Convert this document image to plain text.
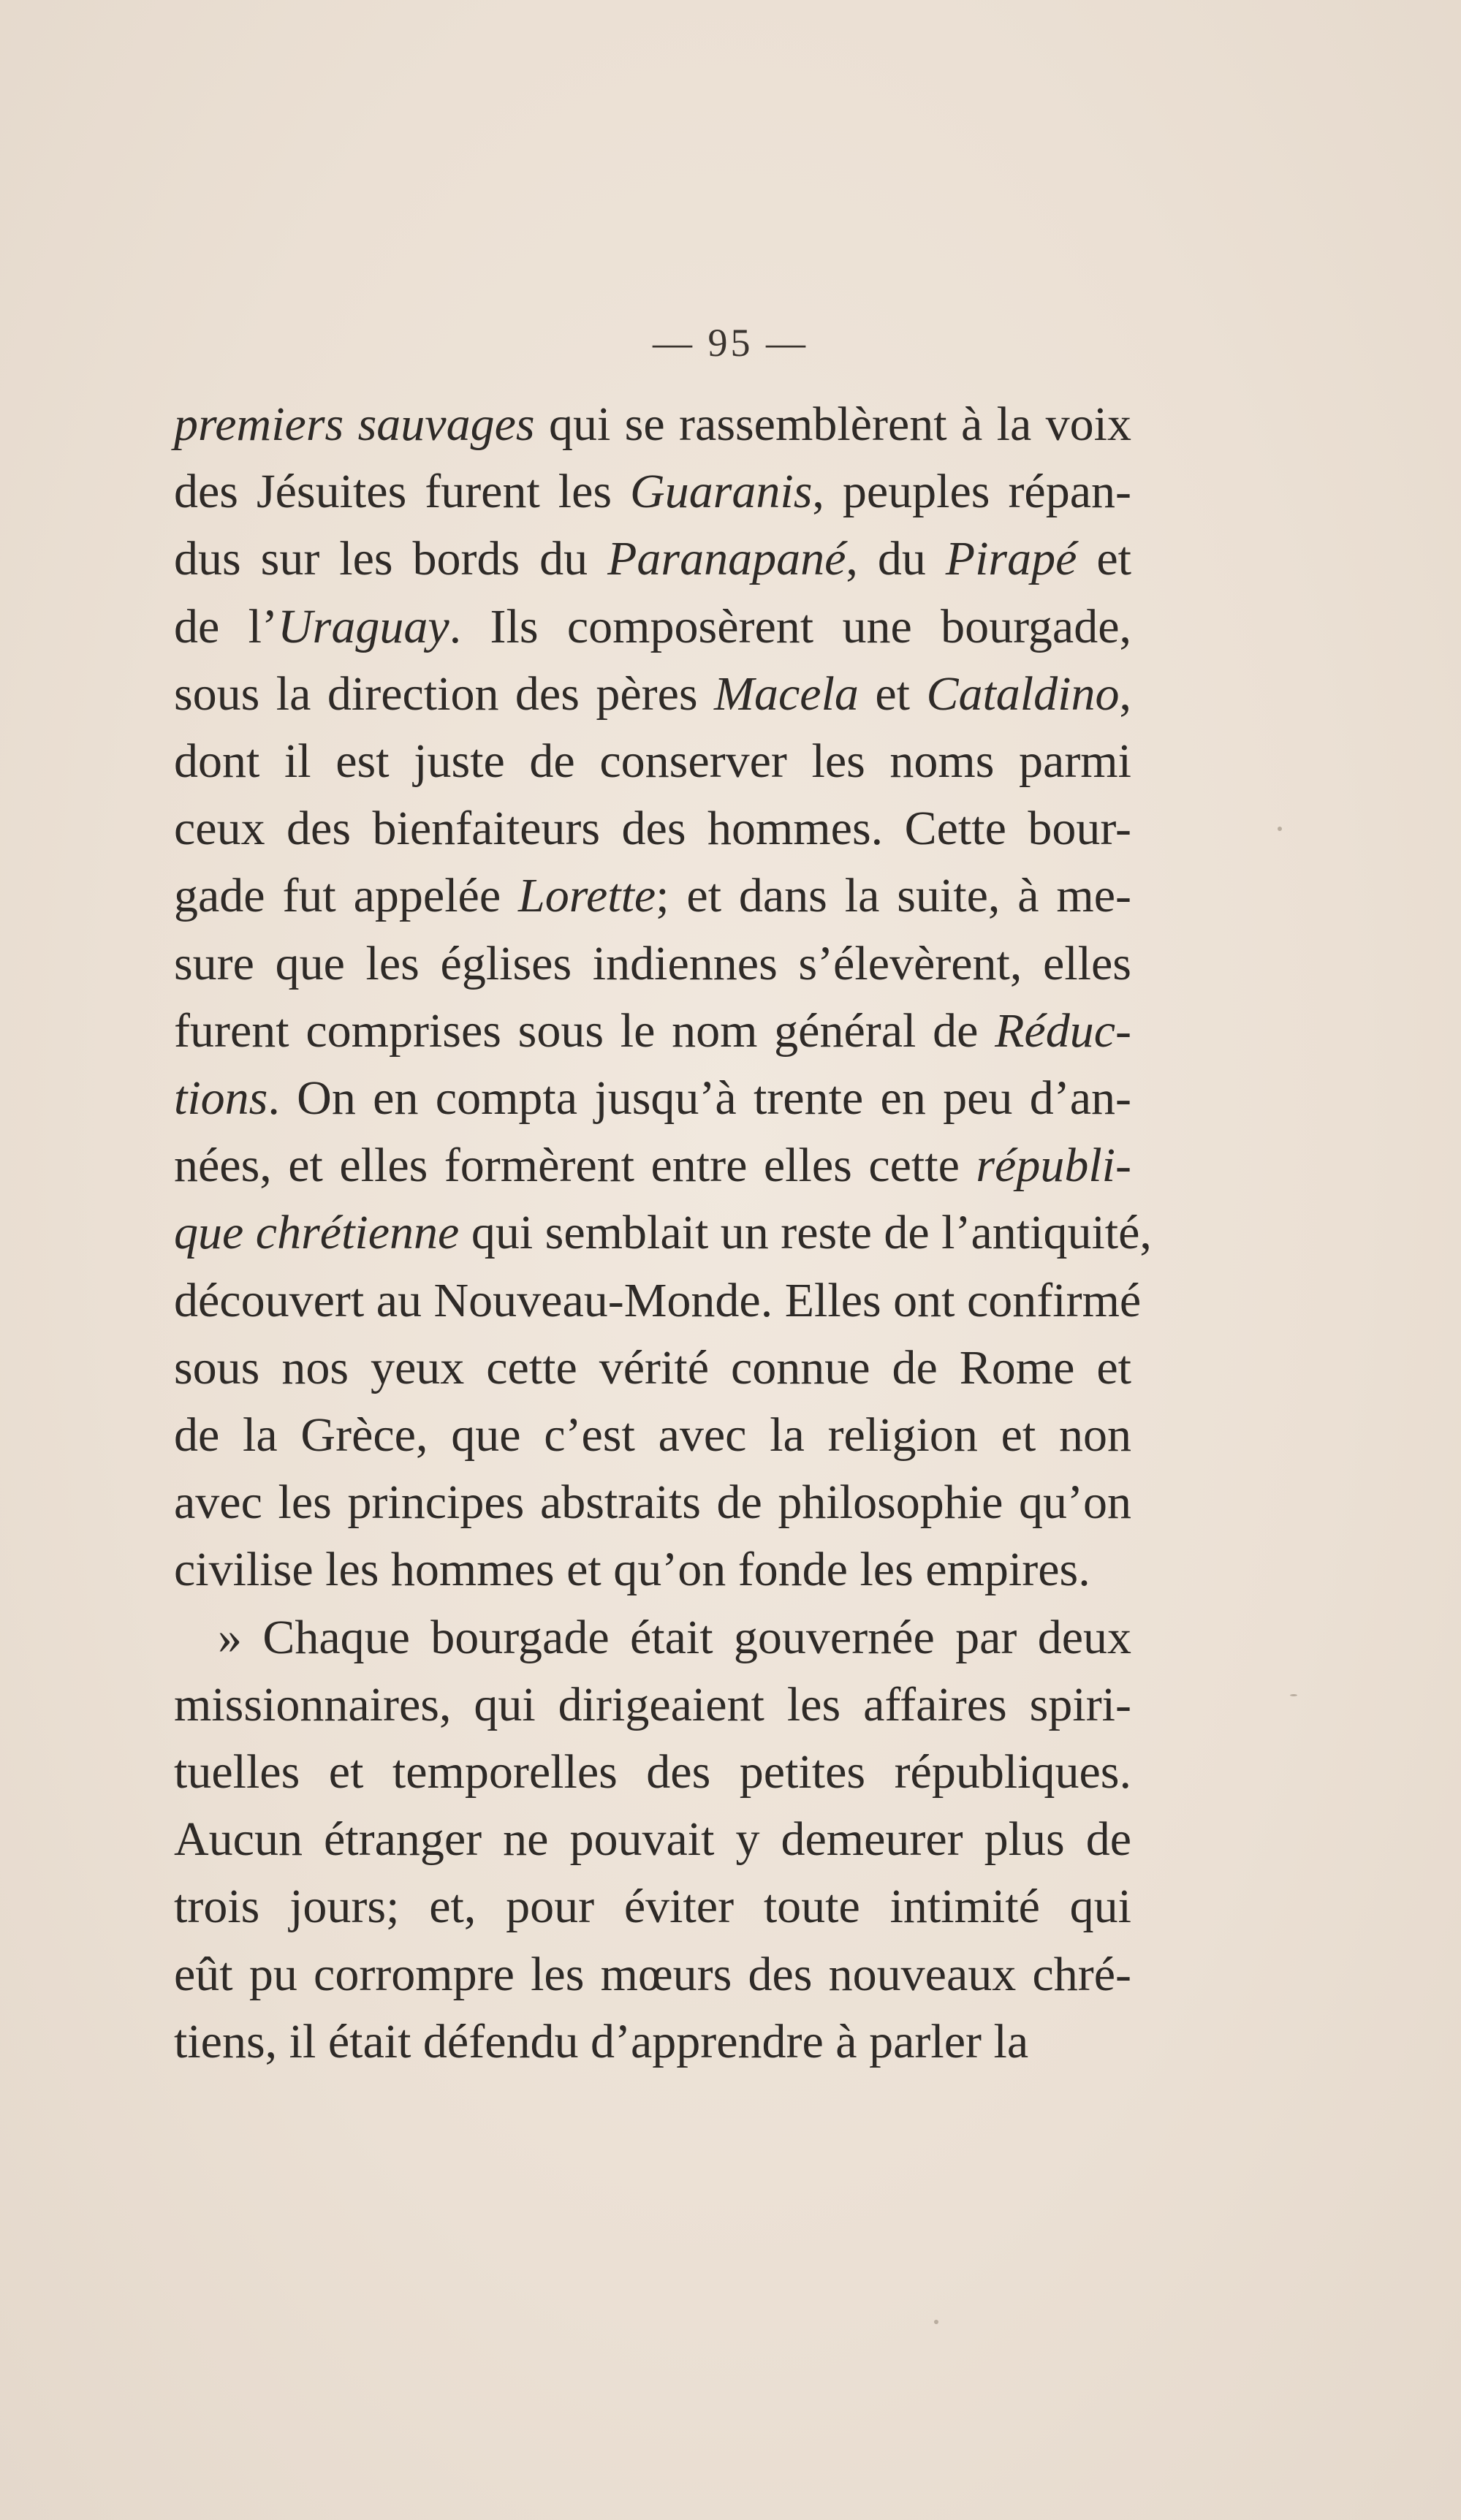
— 95 —
premiers sauvages qui se rassemblèrent à la voix
des Jésuites furent les Guaranis, peuples répan-
dus sur les bords du Paranapané, du Pirapé et
de l’Uraguay. Ils composèrent une bourgade,
sous la direction des pères Macela et Cataldino,
dont il est juste de conserver les noms parmi
ceux des bienfaiteurs des hommes. Cette bour-
gade fut appelée Lorette; et dans la suite, à me-
sure que les églises indiennes s’élevèrent, elles
furent comprises sous le nom général de Réduc-
tions. On en compta jusqu’à trente en peu d’an-
nées, et elles formèrent entre elles cette républi-
que chrétienne qui semblait un reste de l’antiquité,
découvert au Nouveau-Monde. Elles ont confirmé
sous nos yeux cette vérité connue de Rome et
de la Grèce, que c’est avec la religion et non
avec les principes abstraits de philosophie qu’on
civilise les hommes et qu’on fonde les empires.
» Chaque bourgade était gouvernée par deux
missionnaires, qui dirigeaient les affaires spiri-
tuelles et temporelles des petites républiques.
Aucun étranger ne pouvait y demeurer plus de
trois jours; et, pour éviter toute intimité qui
eût pu corrompre les mœurs des nouveaux chré-
tiens, il était défendu d’apprendre à parler la
